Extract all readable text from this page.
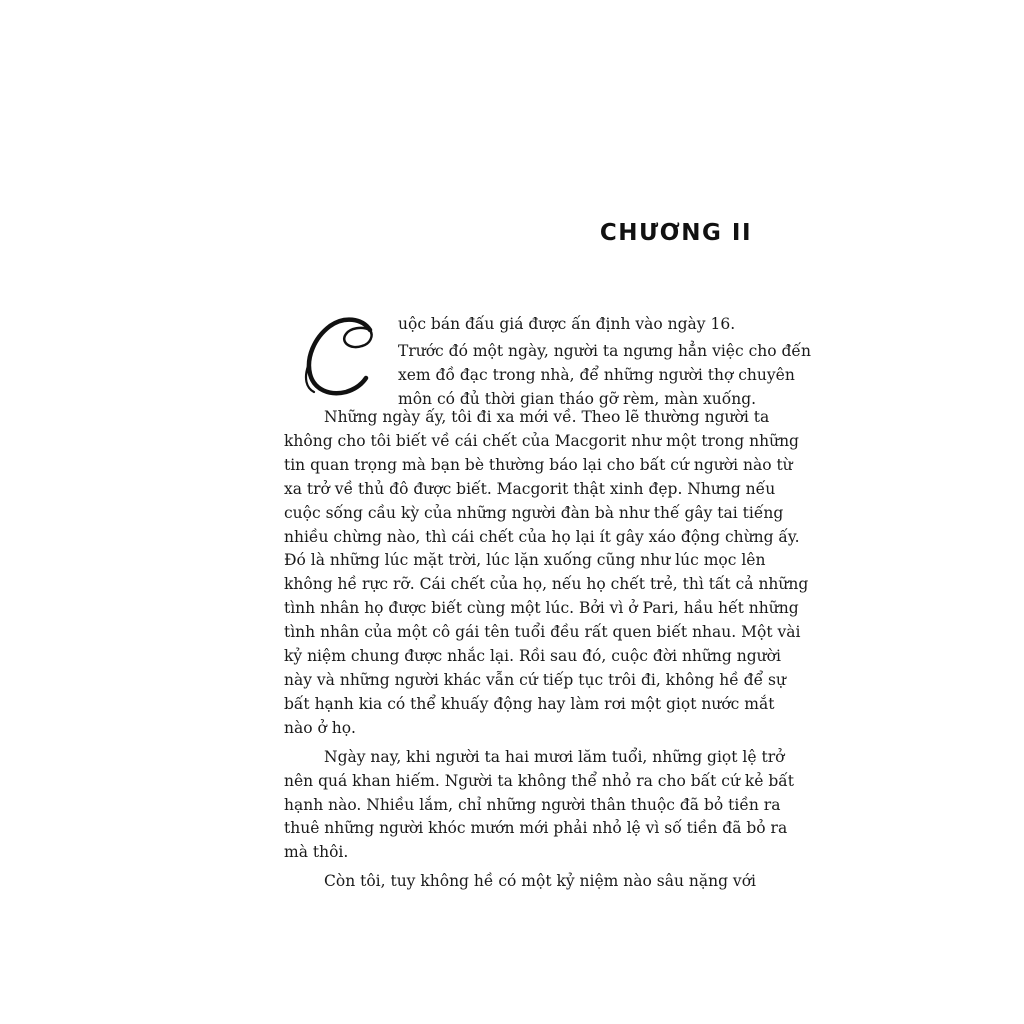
CHƯƠNG II
uộc bán đấu giá được ấn định vào ngày 16.
Trước đó một ngày, người ta ngưng hẳn việc cho đến
xem đồ đạc trong nhà, để những người thợ chuyên
môn có đủ thời gian tháo gỡ rèm, màn xuống.
Những ngày ấy, tôi đi xa mới về. Theo lẽ thường người ta
không cho tôi biết về cái chết của Macgorit như một trong những
tin quan trọng mà bạn bè thường báo lại cho bất cứ người nào từ
xa trở về thủ đô được biết. Macgorit thật xinh đẹp. Nhưng nếu
cuộc sống cầu kỳ của những người đàn bà như thế gây tai tiếng
nhiều chừng nào, thì cái chết của họ lại ít gây xáo động chừng ấy.
Đó là những lúc mặt trời, lúc lặn xuống cũng như lúc mọc lên
không hề rực rỡ. Cái chết của họ, nếu họ chết trẻ, thì tất cả những
tình nhân họ được biết cùng một lúc. Bởi vì ở Pari, hầu hết những
tình nhân của một cô gái tên tuổi đều rất quen biết nhau. Một vài
kỷ niệm chung được nhắc lại. Rồi sau đó, cuộc đời những người
này và những người khác vẫn cứ tiếp tục trôi đi, không hề để sự
bất hạnh kia có thể khuấy động hay làm rơi một giọt nước mắt
nào ở họ.
Ngày nay, khi người ta hai mươi lăm tuổi, những giọt lệ trở
nên quá khan hiếm. Người ta không thể nhỏ ra cho bất cứ kẻ bất
hạnh nào. Nhiều lắm, chỉ những người thân thuộc đã bỏ tiền ra
thuê những người khóc mướn mới phải nhỏ lệ vì số tiền đã bỏ ra
mà thôi.
Còn tôi, tuy không hề có một kỷ niệm nào sâu nặng với
